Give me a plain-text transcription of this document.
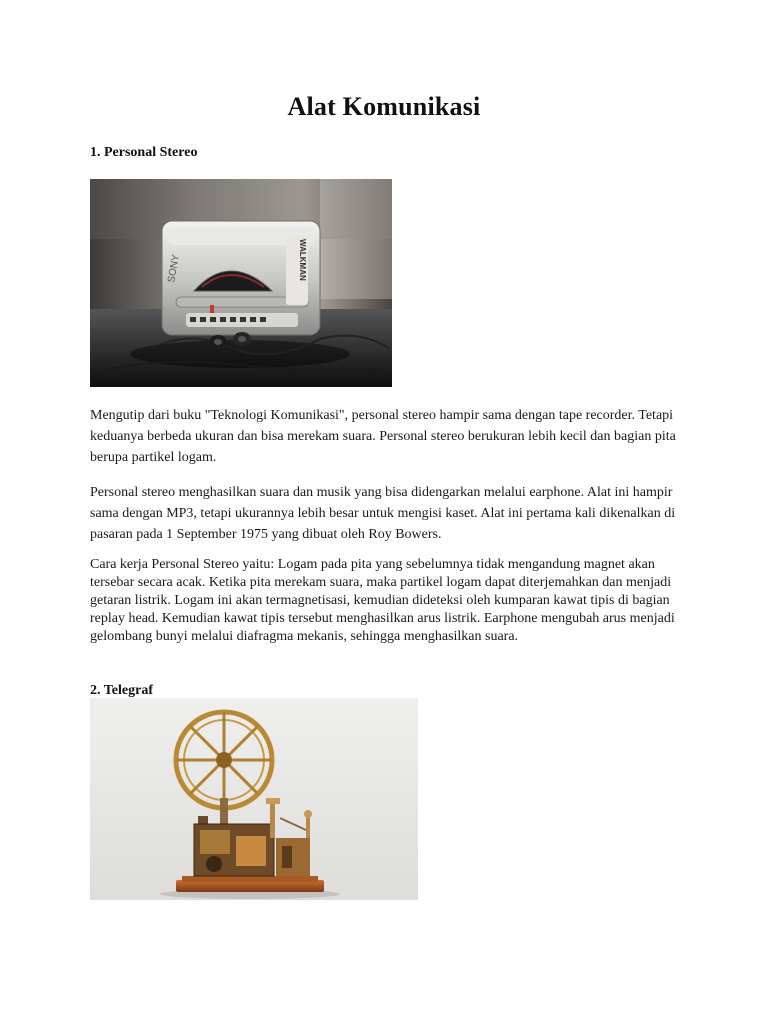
Alat Komunikasi
1. Personal Stereo
SONY	WALKMAN
Mengutip dari buku "Teknologi Komunikasi", personal stereo hampir sama dengan tape recorder. Tetapi keduanya berbeda ukuran dan bisa merekam suara. Personal stereo berukuran lebih kecil dan bagian pita berupa partikel logam.
Personal stereo menghasilkan suara dan musik yang bisa didengarkan melalui earphone. Alat ini hampir sama dengan MP3, tetapi ukurannya lebih besar untuk mengisi kaset. Alat ini pertama kali dikenalkan di pasaran pada 1 September 1975 yang dibuat oleh Roy Bowers.
Cara kerja Personal Stereo yaitu: Logam pada pita yang sebelumnya tidak mengandung magnet akan tersebar secara acak. Ketika pita merekam suara, maka partikel logam dapat diterjemahkan dan menjadi getaran listrik. Logam ini akan termagnetisasi, kemudian dideteksi oleh kumparan kawat tipis di bagian replay head. Kemudian kawat tipis tersebut menghasilkan arus listrik. Earphone mengubah arus menjadi gelombang bunyi melalui diafragma mekanis, sehingga menghasilkan suara.
2. Telegraf
